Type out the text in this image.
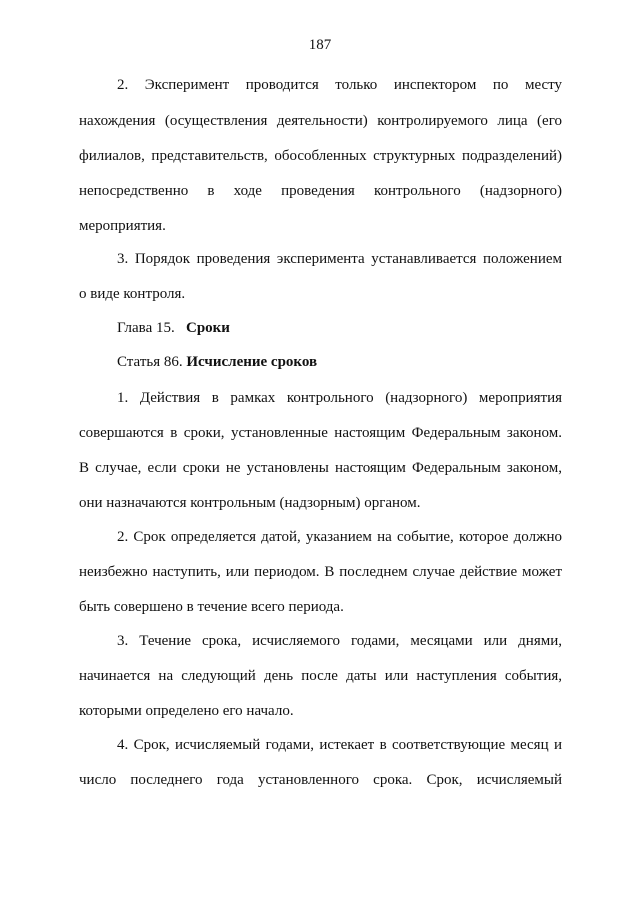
187
2. Эксперимент проводится только инспектором по месту
нахождения (осуществления деятельности) контролируемого лица (его
филиалов, представительств, обособленных структурных подразделений)
непосредственно в ходе проведения контрольного (надзорного)
мероприятия.
3. Порядок проведения эксперимента устанавливается положением
о виде контроля.
Глава 15. Сроки
Статья 86. Исчисление сроков
1. Действия в рамках контрольного (надзорного) мероприятия
совершаются в сроки, установленные настоящим Федеральным законом.
В случае, если сроки не установлены настоящим Федеральным законом,
они назначаются контрольным (надзорным) органом.
2. Срок определяется датой, указанием на событие, которое должно
неизбежно наступить, или периодом. В последнем случае действие может
быть совершено в течение всего периода.
3. Течение срока, исчисляемого годами, месяцами или днями,
начинается на следующий день после даты или наступления события,
которыми определено его начало.
4. Срок, исчисляемый годами, истекает в соответствующие месяц и
число последнего года установленного срока. Срок, исчисляемый
